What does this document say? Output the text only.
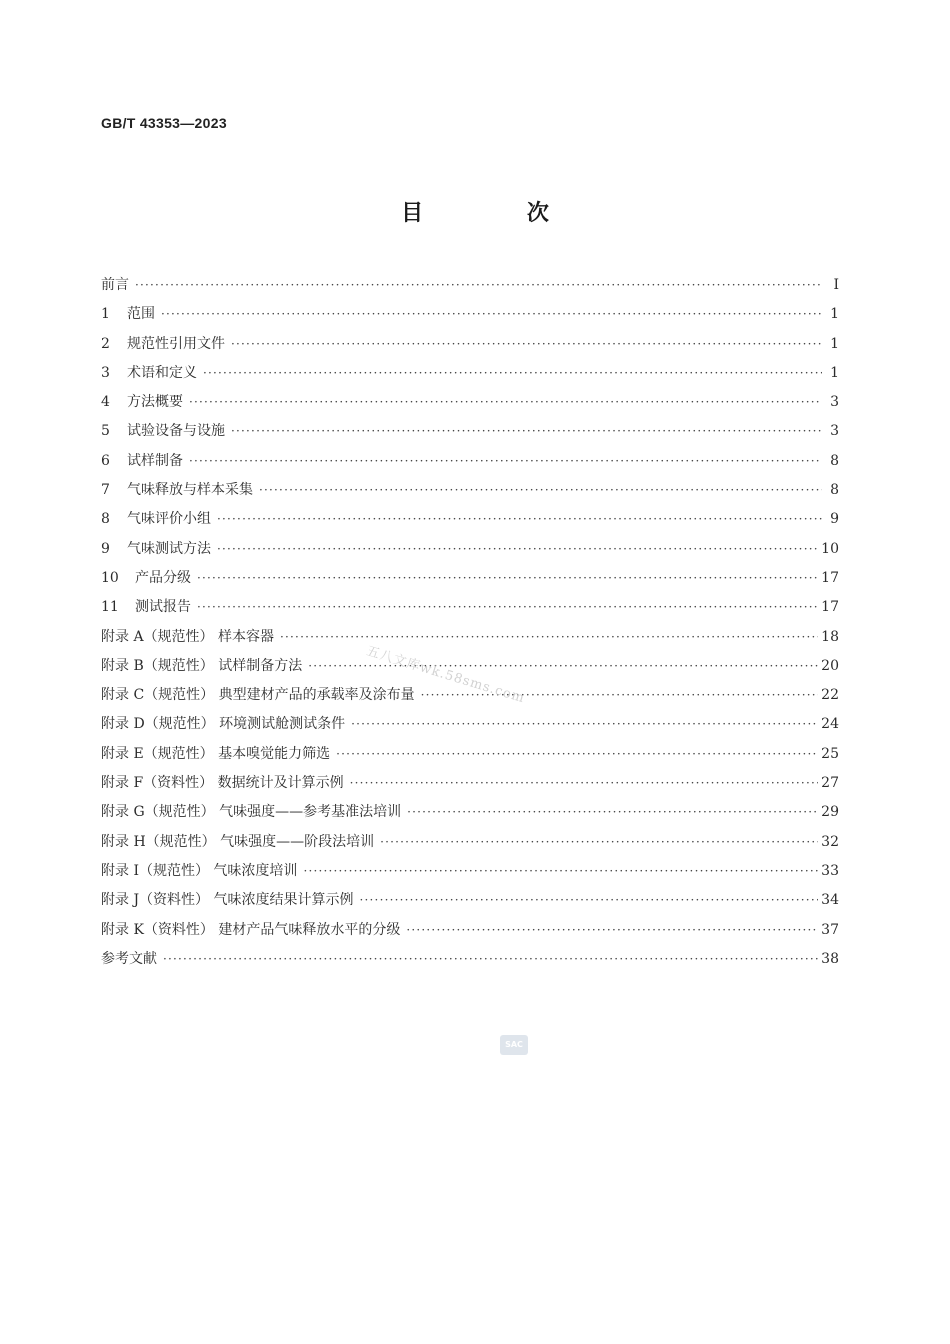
GB/T 43353—2023
目 次
前言 ·····	I
1 范围 ·····	1
2 规范性引用文件 ·····	1
3 术语和定义 ·····	1
4 方法概要 ·····	3
5 试验设备与设施 ·····	3
6 试样制备 ·····	8
7 气味释放与样本采集 ·····	8
8 气味评价小组 ·····	9
9 气味测试方法 ·····	10
10 产品分级 ·····	17
11 测试报告 ·····	17
附录 A（规范性） 样本容器 ·····	18
附录 B（规范性） 试样制备方法 ·····	20
附录 C（规范性） 典型建材产品的承载率及涂布量 ·····	22
附录 D（规范性） 环境测试舱测试条件 ·····	24
附录 E（规范性） 基本嗅觉能力筛选 ·····	25
附录 F（资料性） 数据统计及计算示例 ·····	27
附录 G（规范性） 气味强度——参考基准法培训 ·····	29
附录 H（规范性） 气味强度——阶段法培训 ·····	32
附录 I（规范性） 气味浓度培训 ·····	33
附录 J（资料性） 气味浓度结果计算示例 ·····	34
附录 K（资料性） 建材产品气味释放水平的分级 ·····	37
参考文献 ·····	38
五八文库wk.58sms.com
SAC
